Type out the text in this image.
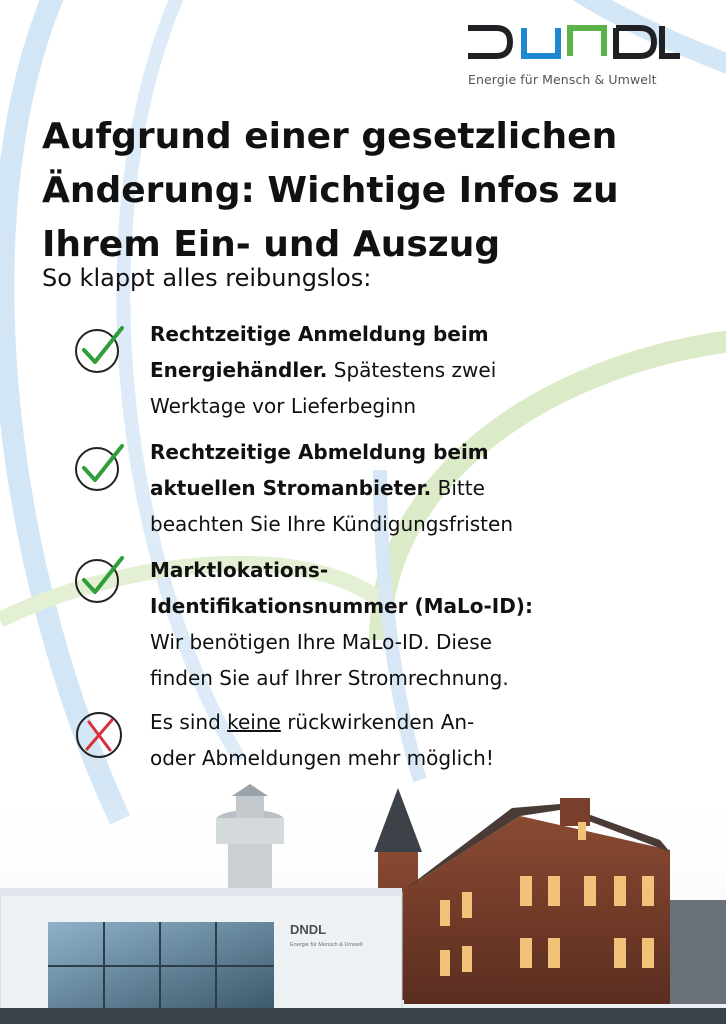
Energie für Mensch & Umwelt
Aufgrund einer gesetzlichen
Änderung: Wichtige Infos zu
Ihrem Ein- und Auszug
So klappt alles reibungslos:
Rechtzeitige Anmeldung beim
Energiehändler. Spätestens zwei
Werktage vor Lieferbeginn
Rechtzeitige Abmeldung beim
aktuellen Stromanbieter. Bitte
beachten Sie Ihre Kündigungsfristen
Marktlokations-
Identifikationsnummer (MaLo-ID):
Wir benötigen Ihre MaLo-ID. Diese
finden Sie auf Ihrer Stromrechnung.
Es sind keine rückwirkenden An-
oder Abmeldungen mehr möglich!
DNDL
Energie für Mensch & Umwelt
